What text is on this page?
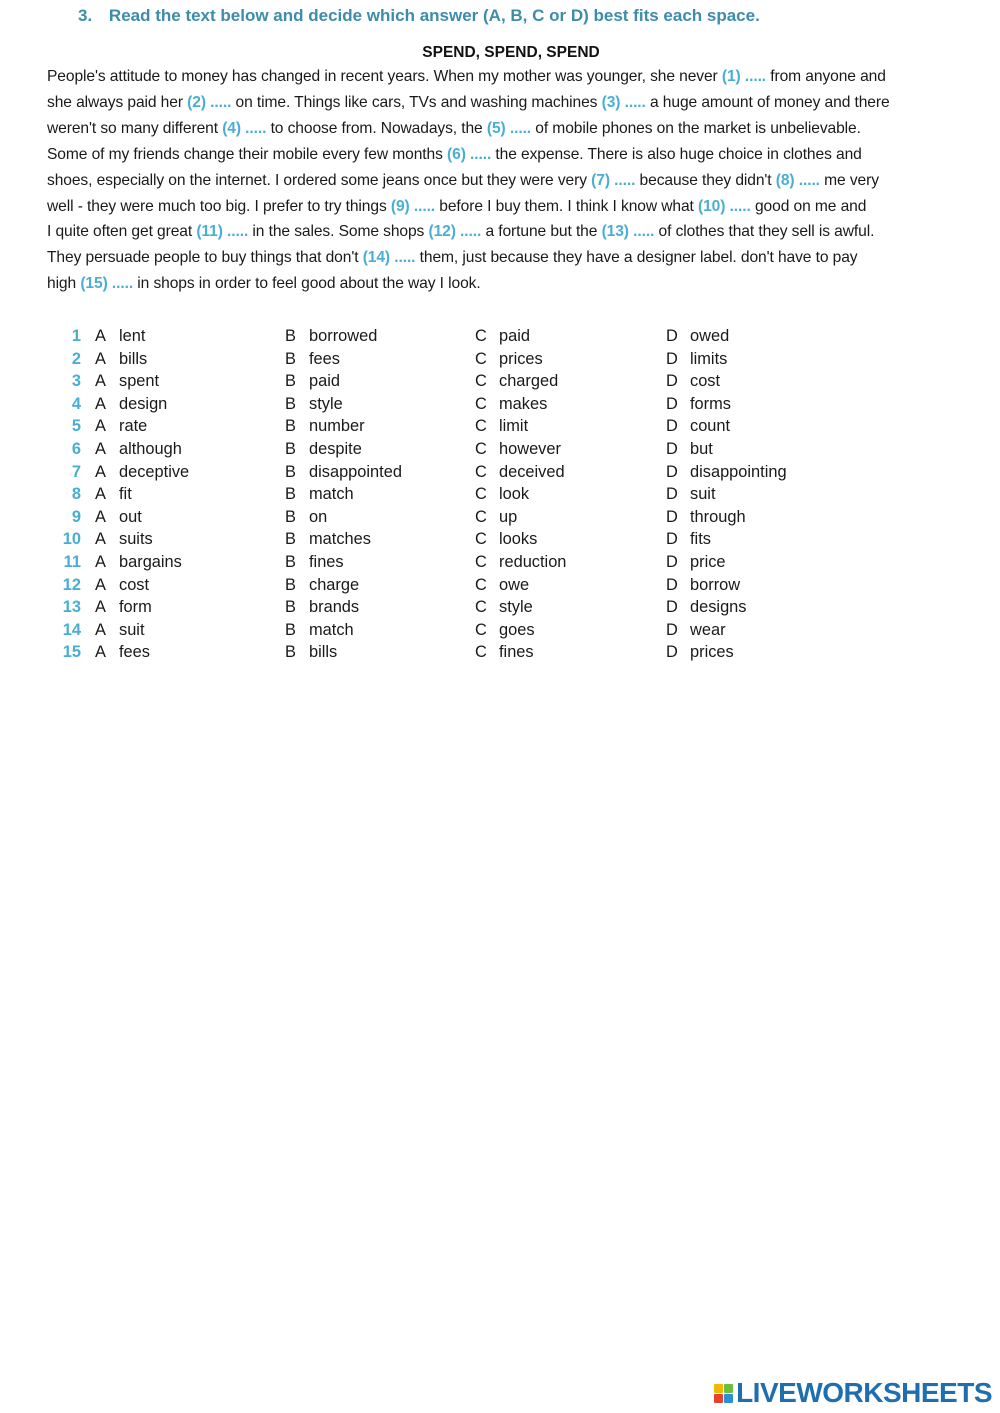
3. Read the text below and decide which answer (A, B, C or D) best fits each space.
SPEND, SPEND, SPEND
People's attitude to money has changed in recent years. When my mother was younger, she never (1) ..... from anyone and
she always paid her (2) ..... on time. Things like cars, TVs and washing machines (3) ..... a huge amount of money and there
weren't so many different (4) ..... to choose from. Nowadays, the (5) ..... of mobile phones on the market is unbelievable.
Some of my friends change their mobile every few months (6) ..... the expense. There is also huge choice in clothes and
shoes, especially on the internet. I ordered some jeans once but they were very (7) ..... because they didn't (8) ..... me very
well - they were much too big. I prefer to try things (9) ..... before I buy them. I think I know what (10) ..... good on me and
I quite often get great (11) ..... in the sales. Some shops (12) ..... a fortune but the (13) ..... of clothes that they sell is awful.
They persuade people to buy things that don't (14) ..... them, just because they have a designer label. don't have to pay
high (15) ..... in shops in order to feel good about the way I look.
1 A lent	B borrowed	C paid	D owed
2 A bills	B fees	C prices	D limits
3 A spent	B paid	C charged	D cost
4 A design	B style	C makes	D forms
5 A rate	B number	C limit	D count
6 A although	B despite	C however	D but
7 A deceptive	B disappointed	C deceived	D disappointing
8 A fit	B match	C look	D suit
9 A out	B on	C up	D through
10 A suits	B matches	C looks	D fits
11 A bargains	B fines	C reduction	D price
12 A cost	B charge	C owe	D borrow
13 A form	B brands	C style	D designs
14 A suit	B match	C goes	D wear
15 A fees	B bills	C fines	D prices
LIVEWORKSHEETS
